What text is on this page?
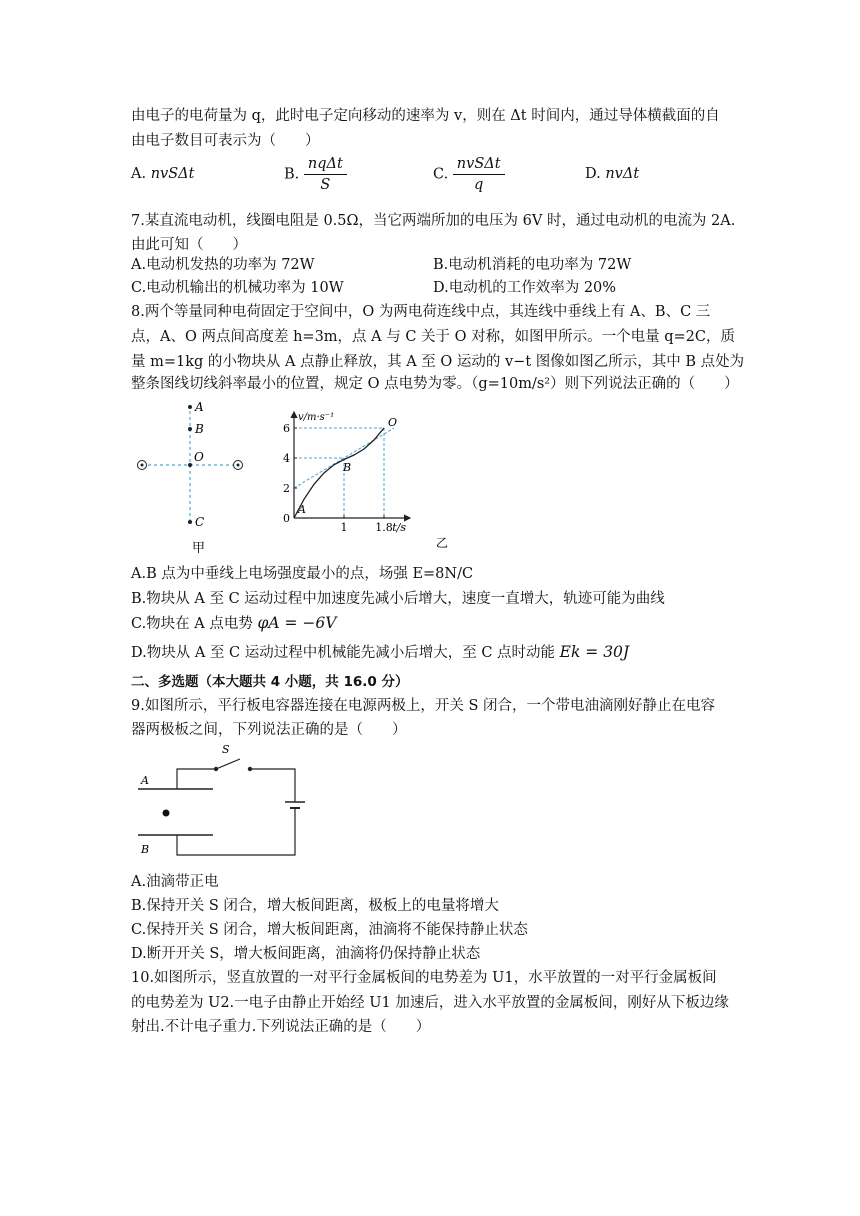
由电子的电荷量为 q，此时电子定向移动的速率为 v，则在 Δt 时间内，通过导体横截面的自
由电子数目可表示为（　　）
A. nvSΔt	B. $\frac{\text{nqΔt}}{S}$	C. $\frac{\text{nvSΔt}}{q}$	D. nvΔt
7.某直流电动机，线圈电阻是 0.5Ω，当它两端所加的电压为 6V 时，通过电动机的电流为 2A.
由此可知（　　）
A.电动机发热的功率为 72W	B.电动机消耗的电功率为 72W
C.电动机输出的机械功率为 10W	D.电动机的工作效率为 20%
8.两个等量同种电荷固定于空间中，O 为两电荷连线中点，其连线中垂线上有 A、B、C 三
点，A、O 两点间高度差 h=3m，点 A 与 C 关于 O 对称，如图甲所示。一个电量 q=2C，质
量 m=1kg 的小物块从 A 点静止释放，其 A 至 O 运动的 v−t 图像如图乙所示，其中 B 点处为
整条图线切线斜率最小的位置，规定 O 点电势为零。（g=10m/s²）则下列说法正确的（　　）
A
B
O
C
甲
6
4
2
0
1	1.8 t/s
v/m·s⁻¹
A
B
O
乙
A.B 点为中垂线上电场强度最小的点，场强 E=8N/C
B.物块从 A 至 C 运动过程中加速度先减小后增大，速度一直增大，轨迹可能为曲线
C.物块在 A 点电势 φA = −6V
D.物块从 A 至 C 运动过程中机械能先减小后增大，至 C 点时动能 Ek = 30J
二、多选题（本大题共 4 小题，共 16.0 分）
9.如图所示，平行板电容器连接在电源两极上，开关 S 闭合，一个带电油滴刚好静止在电容
器两极板之间，下列说法正确的是（　　）
S
A
B
A.油滴带正电
B.保持开关 S 闭合，增大板间距离，极板上的电量将增大
C.保持开关 S 闭合，增大板间距离，油滴将不能保持静止状态
D.断开开关 S，增大板间距离，油滴将仍保持静止状态
10.如图所示，竖直放置的一对平行金属板间的电势差为 U1，水平放置的一对平行金属板间
的电势差为 U2.一电子由静止开始经 U1 加速后，进入水平放置的金属板间，刚好从下板边缘
射出.不计电子重力.下列说法正确的是（　　）
